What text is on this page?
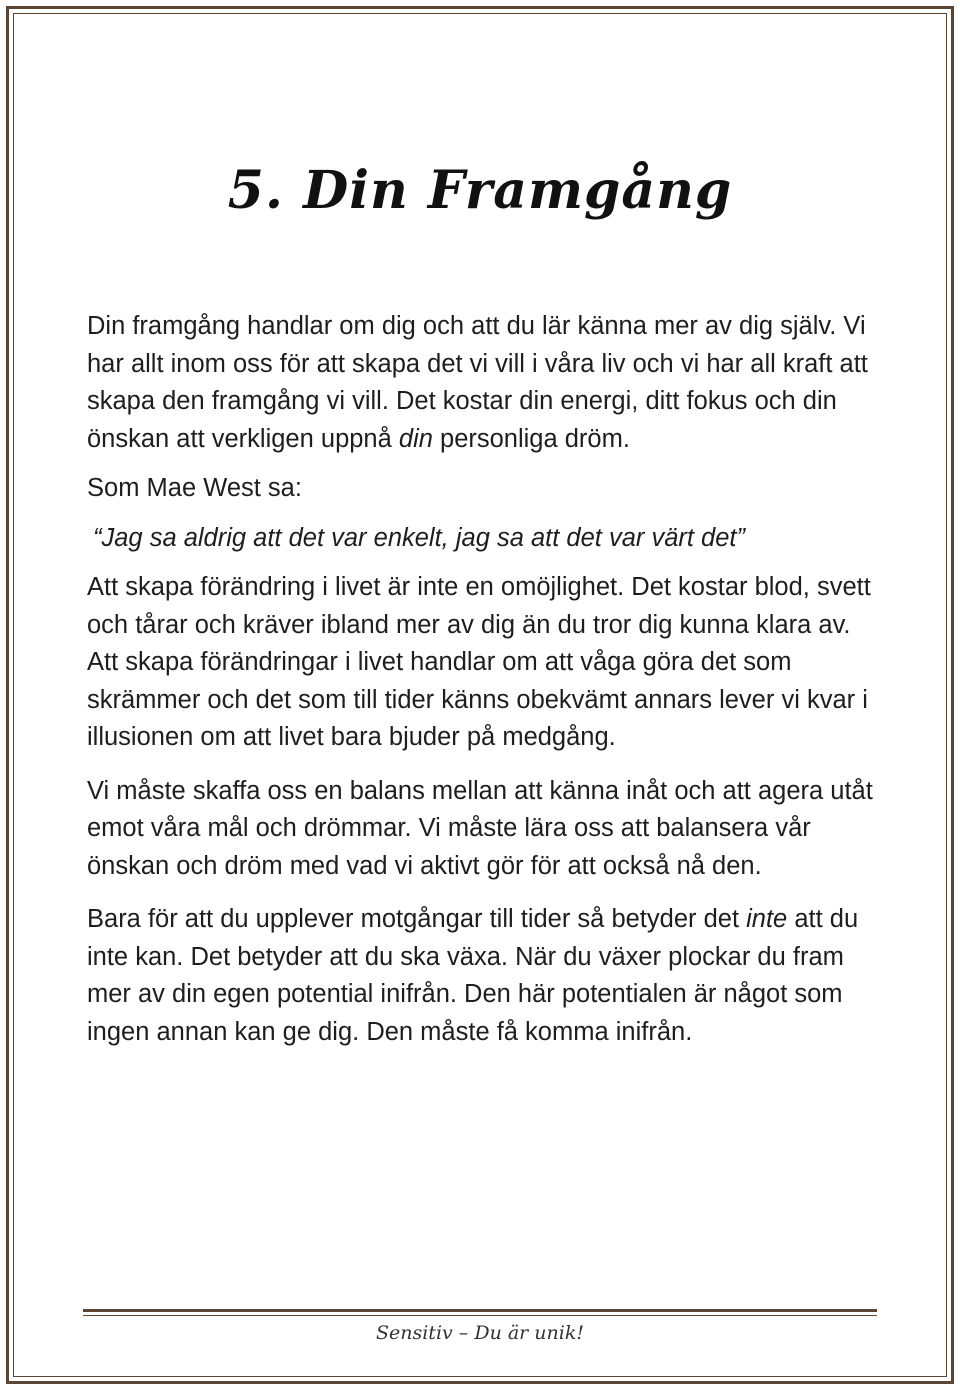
5. Din Framgång

Din framgång handlar om dig och att du lär känna mer av dig själv. Vi har allt inom oss för att skapa det vi vill i våra liv och vi har all kraft att skapa den framgång vi vill. Det kostar din energi, ditt fokus och din önskan att verkligen uppnå din personliga dröm.

Som Mae West sa:

“Jag sa aldrig att det var enkelt, jag sa att det var värt det”

Att skapa förändring i livet är inte en omöjlighet. Det kostar blod, svett och tårar och kräver ibland mer av dig än du tror dig kunna klara av. Att skapa förändringar i livet handlar om att våga göra det som skrämmer och det som till tider känns obekvämt annars lever vi kvar i illusionen om att livet bara bjuder på medgång.

Vi måste skaffa oss en balans mellan att känna inåt och att agera utåt emot våra mål och drömmar. Vi måste lära oss att balansera vår önskan och dröm med vad vi aktivt gör för att också nå den.

Bara för att du upplever motgångar till tider så betyder det inte att du inte kan. Det betyder att du ska växa. När du växer plockar du fram mer av din egen potential inifrån. Den här potentialen är något som ingen annan kan ge dig. Den måste få komma inifrån.

Sensitiv – Du är unik!
